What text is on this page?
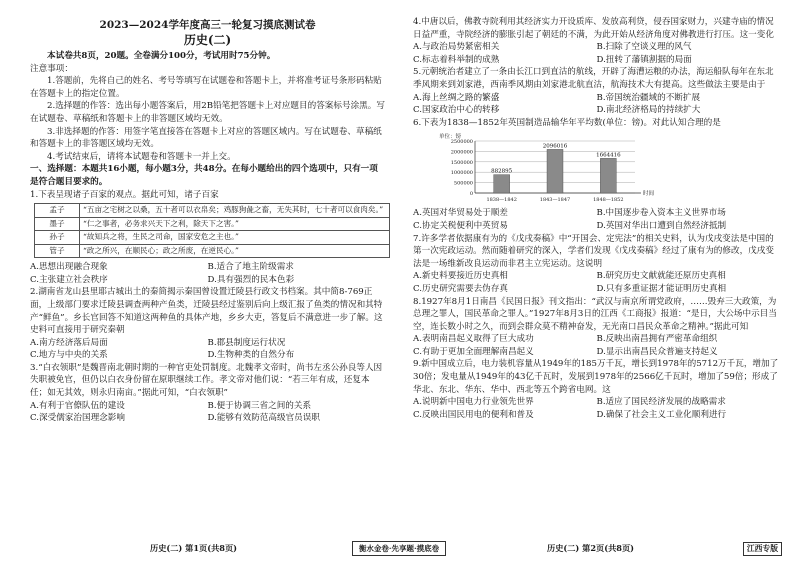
2023—2024学年度高三一轮复习摸底测试卷

历史(二)

本试卷共8页，20题。全卷满分100分，考试用时75分钟。

注意事项：

1.答题前，先将自己的姓名、考号等填写在试题卷和答题卡上，并将准考证号条形码粘贴在答题卡上的指定位置。

2.选择题的作答：选出每小题答案后，用2B铅笔把答题卡上对应题目的答案标号涂黑。写在试题卷、草稿纸和答题卡上的非答题区域均无效。

3.非选择题的作答：用签字笔直接答在答题卡上对应的答题区域内。写在试题卷、草稿纸和答题卡上的非答题区域均无效。

4.考试结束后，请将本试题卷和答题卡一并上交。

一、选择题：本题共16小题，每小题3分，共48分。在每小题给出的四个选项中，只有一项是符合题目要求的。

1.下表呈现诸子百家的观点。据此可知，诸子百家

孟子	“五亩之宅树之以桑，五十者可以衣帛矣；鸡豚狗彘之畜，无失其时，七十者可以食肉矣。”
墨子	“仁之事者，必务求兴天下之利，除天下之害。”
孙子	“故知兵之将，生民之司命，国家安危之主也。”
管子	“政之所兴，在顺民心；政之所废，在逆民心。”
A.思想出现融合现象	B.适合了地主阶级需求
C.主张建立社会秩序	D.具有强烈的民本色彩

2.湖南省龙山县里耶古城出土的秦简揭示秦国曾设置迁陵县行政文书档案。其中简8-769正面，上级部门要求迁陵县调查两种产鱼类，迁陵县经过鉴别后向上级汇报了鱼类的情况和其特产“鲜鱼”。乡长官回答不知道这两种鱼的具体产地，乡乡大吏，答复后不满意进一步了解。这史料可直接用于研究秦朝

A.南方经济落后局面	B.郡县制度运行状况
C.地方与中央的关系	D.生物种类的自然分布

3.“白衣领职”是魏晋南北朝时期的一种官吏处罚制度。北魏孝文帝时，尚书左丞公孙良等人因失职被免官，但仍以白衣身份留在原职继续工作。孝文帝对他们说：“若三年有成，还复本任；如无其效，则永归南亩。”据此可知，“白衣领职”

A.有利于官僚队伍的建设	B.便于协调三省之间的关系
C.深受儒家治国理念影响	D.能够有效防范高级官员误职
历史(二) 第1页(共8页)

4.中唐以后，佛教寺院利用其经济实力开设质库、发放高利贷，侵吞国家财力，兴建寺庙的情况日益严重，寺院经济的膨胀引起了朝廷的不满，为此开始从经济角度对佛教进行打压。这一变化

A.与政治局势紧密相关	B.扫除了空谈义理的风气
C.标志着科举制的成熟	D.扭转了藩镇割据的局面

5.元朝统治者建立了一条由长江口到直沽的航线，开辟了海漕运粮的办法，海运船队每年在东北季风期来到刘家港，西南季风期由刘家港北航直沽，航海技术大有提高。这些做法主要是由于

A.海上丝绸之路的繁盛	B.帝国统治疆域的不断扩展
C.国家政治中心的转移	D.南北经济格局的持续扩大

6.下表为1838—1852年英国制造品输华年平均数(单位：镑)。对此认知合理的是

单位：镑
2500000
2000000
1500000
1000000
500000
0	时间
882895
1838—1842
2096016
1843—1847
1664416
1848—1852
A.英国对华贸易处于顺差	B.中国逐步卷入资本主义世界市场
C.协定关税便利中英贸易	D.英国对华出口遭到自然经济抵制

7.许多学者依据康有为的《戊戌奏稿》中“开国会、定宪法”的相关史料，认为戊戌变法是中国的第一次宪政运动。然而随着研究的深入，学者们发现《戊戌奏稿》经过了康有为的修改，戊戌变法是一场维新改良运动而非君主立宪运动。这说明

A.新史料要接近历史真相	B.研究历史文献就能还原历史真相
C.历史研究需要去伪存真	D.只有多重证据才能证明历史真相

8.1927年8月1日南昌《民国日报》刊文指出：“武汉与南京所谓党政府，……毁弃三大政策，为总理之罪人，国民革命之罪人。”1927年8月3日的江西《工商报》报道：“是日，大公场中示目当空，连长数小时之久，而到会群众莫不精神奋发，无光南口昌民众革命之精神。”据此可知

A.表明南昌起义取得了巨大成功	B.反映出南昌拥有严密革命组织
C.有助于更加全面理解南昌起义	D.显示出南昌民众普遍支持起义

9.新中国成立后，电力装机容量从1949年的185万千瓦，增长到1978年的5712万千瓦，增加了30倍；发电量从1949年的43亿千瓦时，发展到1978年的2566亿千瓦时，增加了59倍；形成了华北、东北、华东、华中、西北等五个跨省电网。这

A.说明新中国电力行业领先世界	B.适应了国民经济发展的战略需求
C.反映出国民用电的便利和普及	D.确保了社会主义工业化顺利进行
历史(二) 第2页(共8页)	江西专版
衡水金卷·先享题·摸底卷
